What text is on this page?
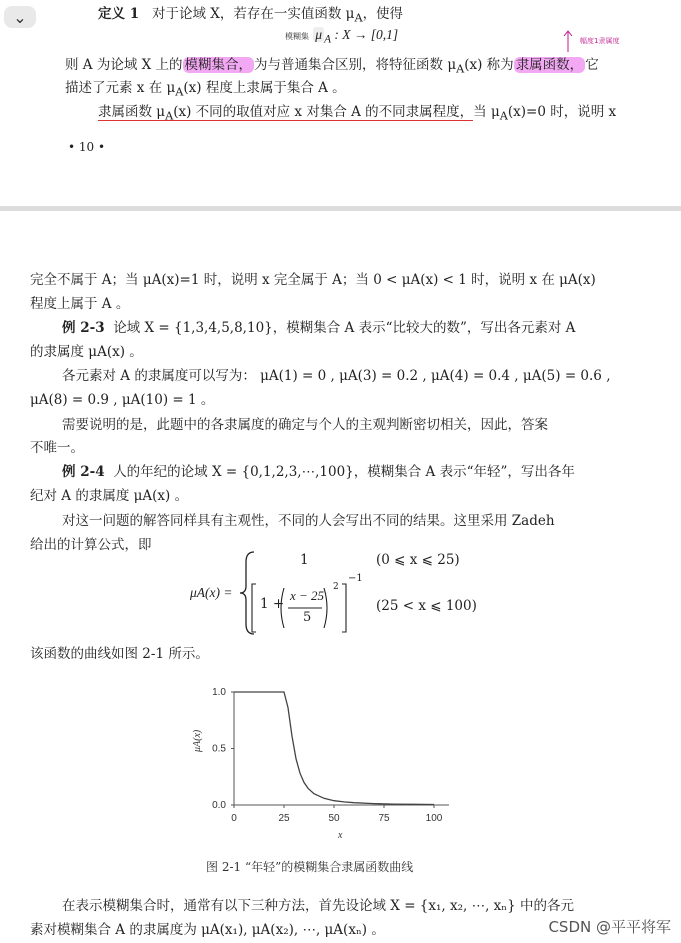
⌄	定义 1 对于论域 X，若存在一实值函数 $\mu_A$，使得
模糊集 μ $_A$ : X → [0,1]	幅度1隶属度
则 A 为论域 X 上的 模糊集合， 为与普通集合区别，将特征函数 $\mu_A(x)$ 称为 隶属函数， 它
描述了元素 x 在 $\mu_A(x)$ 程度上隶属于集合 A 。
隶属函数 $\mu_A(x)$ 不同的取值对应 x 对集合 A 的不同隶属程度，当 $\mu_A(x)=0$ 时，说明 x
• 10 •
完全不属于 A；当 μA(x)=1 时，说明 x 完全属于 A；当 0 < μA(x) < 1 时，说明 x 在 μA(x)
程度上属于 A 。
例 2-3 论域 X = {1,3,4,5,8,10}，模糊集合 A 表示“比较大的数”，写出各元素对 A
的隶属度 μA(x) 。
各元素对 A 的隶属度可以写为： μA(1) = 0 , μA(3) = 0.2 , μA(4) = 0.4 , μA(5) = 0.6 ,
μA(8) = 0.9 , μA(10) = 1 。
需要说明的是，此题中的各隶属度的确定与个人的主观判断密切相关，因此，答案
不唯一。
例 2-4 人的年纪的论域 X = {0,1,2,3,⋯,100}，模糊集合 A 表示“年轻”，写出各年
纪对 A 的隶属度 μA(x) 。
对这一问题的解答同样具有主观性，不同的人会写出不同的结果。这里采用 Zadeh
给出的计算公式，即
μA(x) =
1	(0 ⩽ x ⩽ 25)
1 +
x − 25
5
2
−1
(25 < x ⩽ 100)
该函数的曲线如图 2-1 所示。
μA(x)
x
0	25	50	75	100
1.0
0.5
0.0
图 2-1 “年轻”的模糊集合隶属函数曲线
在表示模糊集合时，通常有以下三种方法，首先设论域 X = {x₁, x₂, ⋯, xₙ} 中的各元
素对模糊集合 A 的隶属度为 μA(x₁), μA(x₂), ⋯, μA(xₙ) 。	CSDN @平平将军
